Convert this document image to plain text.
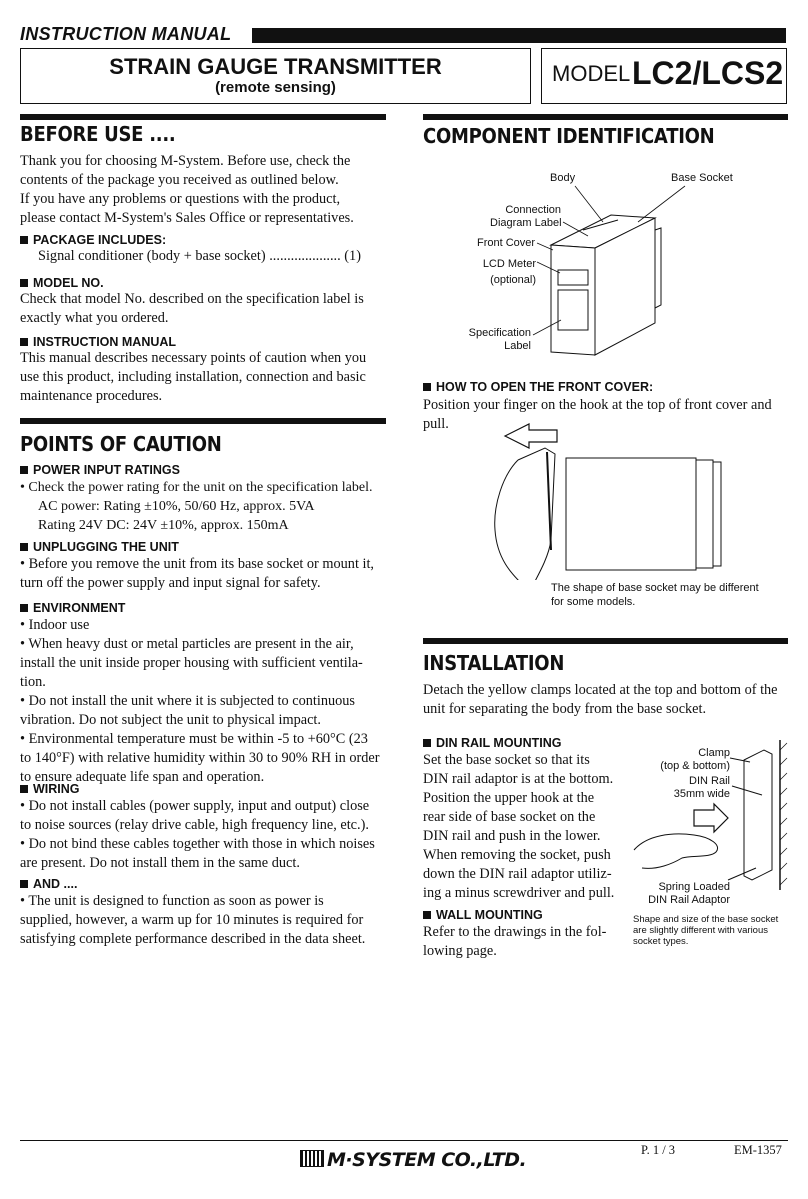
INSTRUCTION MANUAL
STRAIN GAUGE TRANSMITTER
(remote sensing)
MODEL LC2/LCS2
BEFORE USE ....
Thank you for choosing M-System. Before use, check the
contents of the package you received as outlined below.
If you have any problems or questions with the product,
please contact M-System's Sales Office or representatives.
PACKAGE INCLUDES:
Signal conditioner (body + base socket) .................... (1)
MODEL NO.
Check that model No. described on the specification label is
exactly what you ordered.
INSTRUCTION MANUAL
This manual describes necessary points of caution when you
use this product, including installation, connection and basic
maintenance procedures.
POINTS OF CAUTION
POWER INPUT RATINGS
• Check the power rating for the unit on the specification label.
AC power: Rating ±10%, 50/60 Hz, approx. 5VA
Rating 24V DC: 24V ±10%, approx. 150mA
UNPLUGGING THE UNIT
• Before you remove the unit from its base socket or mount it,
turn off the power supply and input signal for safety.
ENVIRONMENT
• Indoor use
• When heavy dust or metal particles are present in the air,
install the unit inside proper housing with sufficient ventila-
tion.
• Do not install the unit where it is subjected to continuous
vibration. Do not subject the unit to physical impact.
• Environmental temperature must be within -5 to +60°C (23
to 140°F) with relative humidity within 30 to 90% RH in order
to ensure adequate life span and operation.
WIRING
• Do not install cables (power supply, input and output) close
to noise sources (relay drive cable, high frequency line, etc.).
• Do not bind these cables together with those in which noises
are present. Do not install them in the same duct.
AND ....
• The unit is designed to function as soon as power is
supplied, however, a warm up for 10 minutes is required for
satisfying complete performance described in the data sheet.
COMPONENT IDENTIFICATION
Body	Base Socket
Connection
Diagram Label
Front Cover
LCD Meter
(optional)
Specification
Label
HOW TO OPEN THE FRONT COVER:
Position your finger on the hook at the top of front cover and
pull.
The shape of base socket may be different
for some models.
INSTALLATION
Detach the yellow clamps located at the top and bottom of the
unit for separating the body from the base socket.
DIN RAIL MOUNTING
Set the base socket so that its
DIN rail adaptor is at the bottom.
Position the upper hook at the
rear side of base socket on the
DIN rail and push in the lower.
When removing the socket, push
down the DIN rail adaptor utiliz-
ing a minus screwdriver and pull.
Clamp
(top & bottom)
DIN Rail
35mm wide
Spring Loaded
DIN Rail Adaptor
WALL MOUNTING
Refer to the drawings in the fol-
lowing page.
Shape and size of the base socket
are slightly different with various
socket types.
M·SYSTEM CO.,LTD.	P. 1 / 3	EM-1357
